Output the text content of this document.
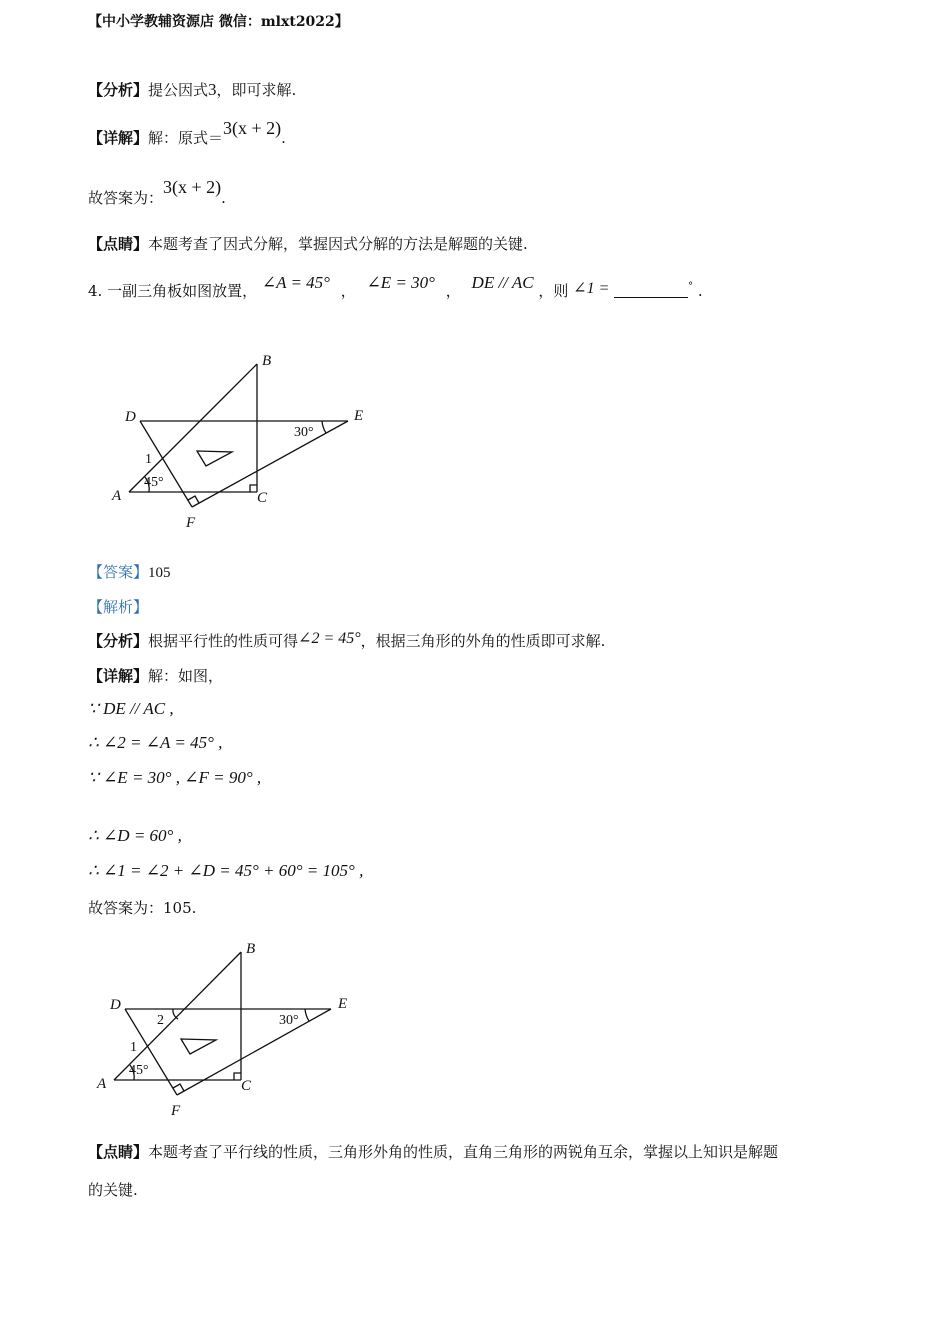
【中小学教辅资源店 微信：mlxt2022】
【分析】提公因式3，即可求解.
【详解】解：原式＝3(x + 2).
故答案为：3(x + 2).
【点睛】本题考查了因式分解，掌握因式分解的方法是解题的关键.
4. 一副三角板如图放置， ∠A = 45° ， ∠E = 30° ， DE // AC ，则 ∠1 =	° .
B
D	E
A	C
F
1
45°
30°
【答案】105
【解析】
【分析】根据平行性的性质可得∠2 = 45°，根据三角形的外角的性质即可求解.
【详解】解：如图，
∵ DE // AC ,
∴ ∠2 = ∠A = 45° ,
∵ ∠E = 30° , ∠F = 90° ,
∴ ∠D = 60° ,
∴ ∠1 = ∠2 + ∠D = 45° + 60° = 105° ,
故答案为：105.
B
D	E
A	C
F
1
2
45°
30°
【点睛】本题考查了平行线的性质，三角形外角的性质，直角三角形的两锐角互余，掌握以上知识是解题
的关键.
